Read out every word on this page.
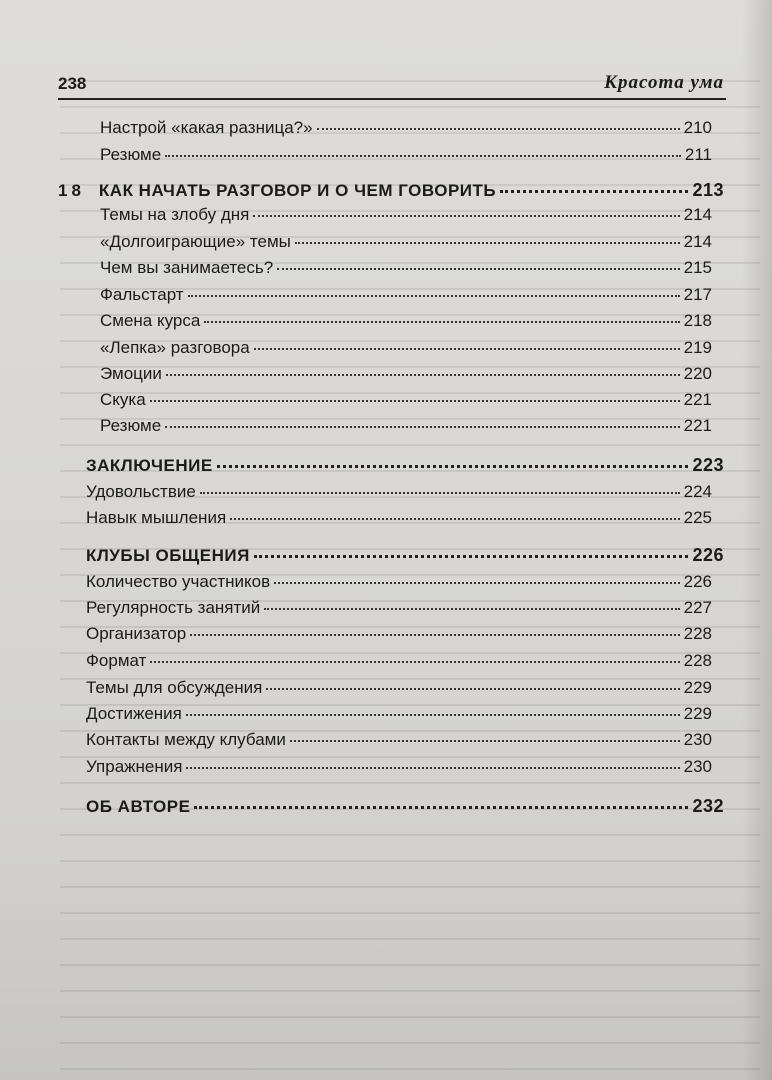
238	Красота ума
Настрой «какая разница?»	210
Резюме	211
18 КАК НАЧАТЬ РАЗГОВОР И О ЧЕМ ГОВОРИТЬ	213
Темы на злобу дня	214
«Долгоиграющие» темы	214
Чем вы занимаетесь?	215
Фальстарт	217
Смена курса	218
«Лепка» разговора	219
Эмоции	220
Скука	221
Резюме	221
ЗАКЛЮЧЕНИЕ	223
Удовольствие	224
Навык мышления	225
КЛУБЫ ОБЩЕНИЯ	226
Количество участников	226
Регулярность занятий	227
Организатор	228
Формат	228
Темы для обсуждения	229
Достижения	229
Контакты между клубами	230
Упражнения	230
ОБ АВТОРЕ	232
